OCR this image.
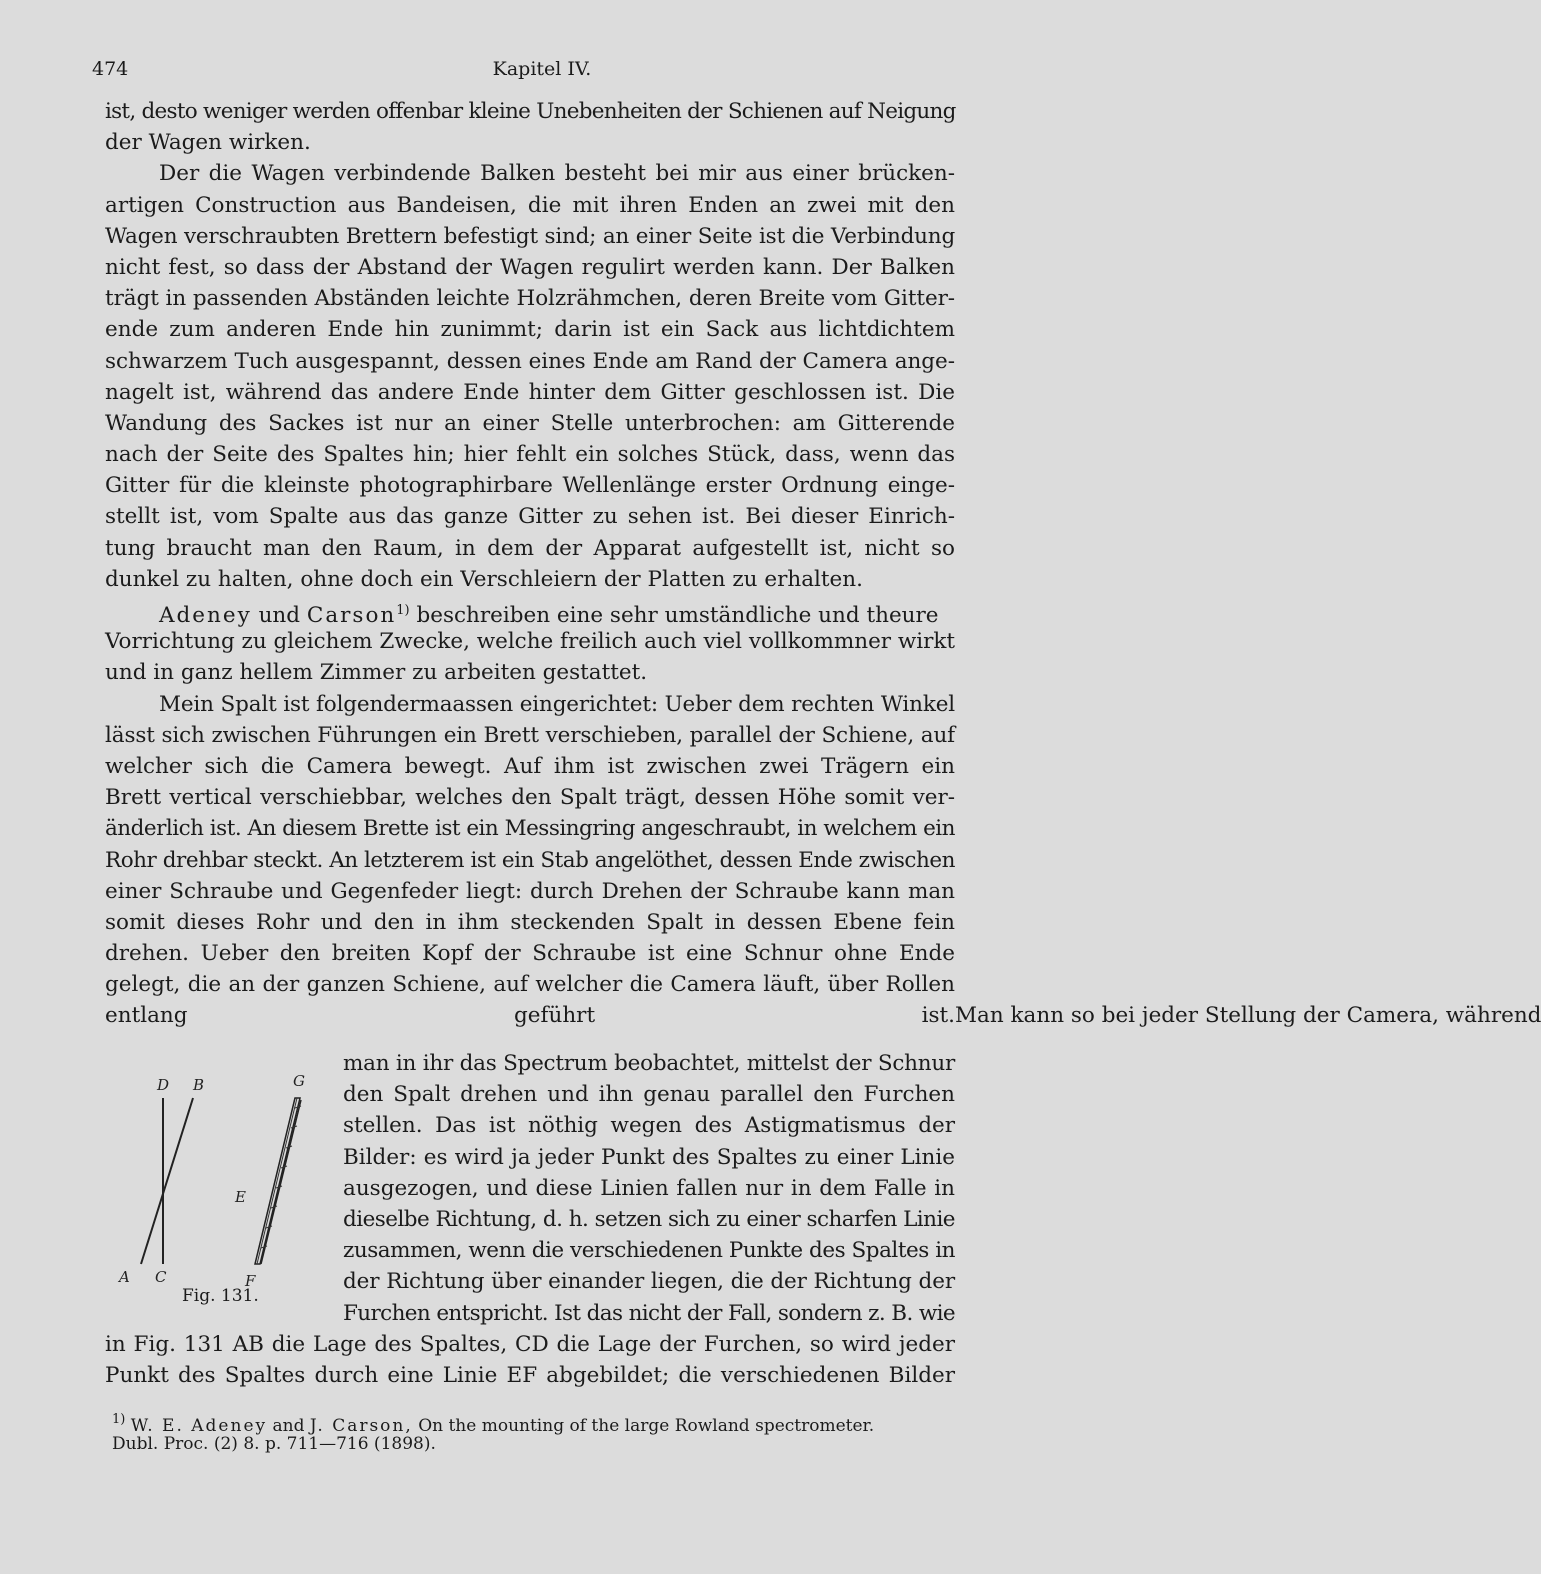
474	Kapitel IV.
ist, desto weniger werden offenbar kleine Unebenheiten der Schienen auf Neigung
der Wagen wirken.
Der die Wagen verbindende Balken besteht bei mir aus einer brücken-
artigen Construction aus Bandeisen, die mit ihren Enden an zwei mit den
Wagen verschraubten Brettern befestigt sind; an einer Seite ist die Verbindung
nicht fest, so dass der Abstand der Wagen regulirt werden kann. Der Balken
trägt in passenden Abständen leichte Holzrähmchen, deren Breite vom Gitter-
ende zum anderen Ende hin zunimmt; darin ist ein Sack aus lichtdichtem
schwarzem Tuch ausgespannt, dessen eines Ende am Rand der Camera ange-
nagelt ist, während das andere Ende hinter dem Gitter geschlossen ist. Die
Wandung des Sackes ist nur an einer Stelle unterbrochen: am Gitterende
nach der Seite des Spaltes hin; hier fehlt ein solches Stück, dass, wenn das
Gitter für die kleinste photographirbare Wellenlänge erster Ordnung einge-
stellt ist, vom Spalte aus das ganze Gitter zu sehen ist. Bei dieser Einrich-
tung braucht man den Raum, in dem der Apparat aufgestellt ist, nicht so
dunkel zu halten, ohne doch ein Verschleiern der Platten zu erhalten.
Adeney und Carson$^{1)}$ beschreiben eine sehr umständliche und theure
Vorrichtung zu gleichem Zwecke, welche freilich auch viel vollkommner wirkt
und in ganz hellem Zimmer zu arbeiten gestattet.
Mein Spalt ist folgendermaassen eingerichtet: Ueber dem rechten Winkel
lässt sich zwischen Führungen ein Brett verschieben, parallel der Schiene, auf
welcher sich die Camera bewegt. Auf ihm ist zwischen zwei Trägern ein
Brett vertical verschiebbar, welches den Spalt trägt, dessen Höhe somit ver-
änderlich ist. An diesem Brette ist ein Messingring angeschraubt, in welchem ein
Rohr drehbar steckt. An letzterem ist ein Stab angelöthet, dessen Ende zwischen
einer Schraube und Gegenfeder liegt: durch Drehen der Schraube kann man
somit dieses Rohr und den in ihm steckenden Spalt in dessen Ebene fein
drehen. Ueber den breiten Kopf der Schraube ist eine Schnur ohne Ende
gelegt, die an der ganzen Schiene, auf welcher die Camera läuft, über Rollen
entlang geführt ist. Man kann so bei jeder Stellung der Camera, während
man in ihr das Spectrum beobachtet, mittelst der Schnur
den Spalt drehen und ihn genau parallel den Furchen
stellen. Das ist nöthig wegen des Astigmatismus der
Bilder: es wird ja jeder Punkt des Spaltes zu einer Linie
ausgezogen, und diese Linien fallen nur in dem Falle in
dieselbe Richtung, d. h. setzen sich zu einer scharfen Linie
zusammen, wenn die verschiedenen Punkte des Spaltes in
der Richtung über einander liegen, die der Richtung der
Furchen entspricht. Ist das nicht der Fall, sondern z. B. wie
in Fig. 131 AB die Lage des Spaltes, CD die Lage der Furchen, so wird jeder
Punkt des Spaltes durch eine Linie EF abgebildet; die verschiedenen Bilder
D B	G
E
A C	F
Fig. 131.
$^{1)}$ W. E. Adeney and J. Carson, On the mounting of the large Rowland spectrometer.
Dubl. Proc. (2) 8. p. 711—716 (1898).
